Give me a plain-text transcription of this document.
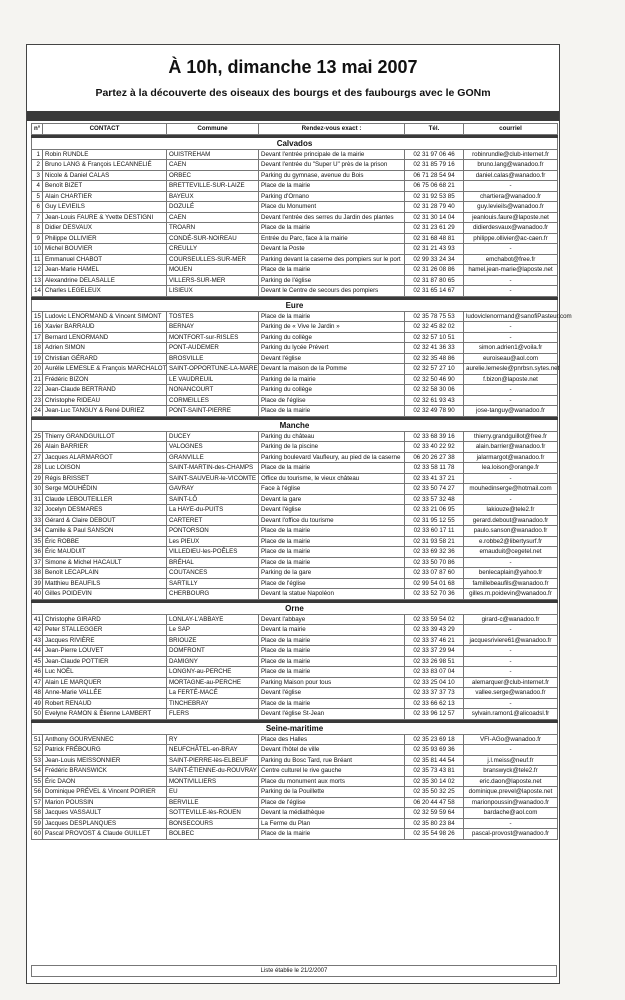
À 10h, dimanche 13 mai 2007
Partez à la découverte des oiseaux des bourgs et des faubourgs avec le GONm
n°	CONTACT	Commune	Rendez-vous exact :	Tél.	courriel

Calvados					
1	Robin RUNDLE	OUISTREHAM	Devant l'entrée principale de la mairie	02 31 97 06 46	robinrundle@club-internet.fr
2	Bruno LANG & François LECANNELIÉ	CAEN	Devant l'entrée du "Super U" près de la prison	02 31 85 79 16	bruno.lang@wanadoo.fr
3	Nicole & Daniel CALAS	ORBEC	Parking du gymnase, avenue du Bois	06 71 28 54 94	daniel.calas@wanadoo.fr
4	Benoît BIZET	BRETTEVILLE-SUR-LAIZE	Place de la mairie	06 75 06 68 21	-
5	Alain CHARTIER	BAYEUX	Parking d'Ornano	02 31 92 53 85	chartiera@wanadoo.fr
6	Guy LEVIEILS	DOZULÉ	Place du Monument	02 31 28 79 40	guy.levieils@wanadoo.fr
7	Jean-Louis FAURE & Yvette DESTIGNI	CAEN	Devant l'entrée des serres du Jardin des plantes	02 31 30 14 04	jeanlouis.faure@laposte.net
8	Didier DESVAUX	TROARN	Place de la mairie	02 31 23 61 29	didierdesvaux@wanadoo.fr
9	Philippe OLLIVIER	CONDÉ-SUR-NOIREAU	Entrée du Parc, face à la mairie	02 31 68 48 81	philippe.ollivier@ac-caen.fr
10	Michel BOUVIER	CREULLY	Devant la Poste	02 31 21 43 93	-
11	Emmanuel CHABOT	COURSEULLES-SUR-MER	Parking devant la caserne des pompiers sur le port	02 99 33 24 34	emchabot@free.fr
12	Jean-Marie HAMEL	MOUEN	Place de la mairie	02 31 26 08 86	hamel.jean-marie@laposte.net
13	Alexandrine DELASALLE	VILLERS-SUR-MER	Parking de l'église	02 31 87 80 65	-
14	Charles LEGELEUX	LISIEUX	Devant le Centre de secours des pompiers	02 31 65 14 67	-

Eure					
15	Ludovic LENORMAND & Vincent SIMONT	TOSTES	Place de la mairie	02 35 78 75 53	ludoviclenormand@sanofiPasteur.com
16	Xavier BARRAUD	BERNAY	Parking de « Vive le Jardin »	02 32 45 82 02	-
17	Bernard LENORMAND	MONTFORT-sur-RISLES	Parking du collège	02 32 57 10 51	-
18	Adrien SIMON	PONT-AUDEMER	Parking du lycée Prévert	02 32 41 36 33	simon.adrien1@voila.fr
19	Christian GÉRARD	BROSVILLE	Devant l'église	02 32 35 48 86	euroiseau@aol.com
20	Aurélie LEMESLE & François MARCHALOT	SAINT-OPPORTUNE-LA-MARE	Devant la maison de la Pomme	02 32 57 27 10	aurelie.lemesle@pnrbsn.sytes.net
21	Frédéric BIZON	LE VAUDREUIL	Parking de la mairie	02 32 50 46 90	f.bizon@laposte.net
22	Jean-Claude BERTRAND	NONANCOURT	Parking du collège	02 32 58 30 06	-
23	Christophe RIDEAU	CORMEILLES	Place de l'église	02 32 61 93 43	-
24	Jean-Luc TANGUY & René DURIEZ	PONT-SAINT-PIERRE	Place de la mairie	02 32 49 78 90	jose-tanguy@wanadoo.fr

Manche					
25	Thierry GRANDGUILLOT	DUCEY	Parking du château	02 33 68 39 16	thierry.grandguillot@free.fr
26	Alain BARRIER	VALOGNES	Parking de la piscine	02 33 40 22 92	alain.barrier@wanadoo.fr
27	Jacques ALARMARGOT	GRANVILLE	Parking boulevard Vaufleury, au pied de la caserne	06 20 26 27 38	jalarmargot@wanadoo.fr
28	Luc LOISON	SAINT-MARTIN-des-CHAMPS	Place de la mairie	02 33 58 11 78	lea.loison@orange.fr
29	Régis BRISSET	SAINT-SAUVEUR-le-VICOMTE	Office du tourisme, le vieux château	02 33 41 37 21	-
30	Serge MOUHÉDIN	GAVRAY	Face à l'église	02 33 50 74 27	mouhedinserge@hotmail.com
31	Claude LEBOUTEILLER	SAINT-LÔ	Devant la gare	02 33 57 32 48	-
32	Jocelyn DESMARES	La HAYE-du-PUITS	Devant l'église	02 33 21 06 95	lakiouze@tele2.fr
33	Gérard & Claire DEBOUT	CARTERET	Devant l'office du tourisme	02 31 95 12 55	gerard.debout@wanadoo.fr
34	Camille & Paul SANSON	PONTORSON	Place de la mairie	02 33 60 17 11	paulo.sanson@wanadoo.fr
35	Éric ROBBE	Les PIEUX	Place de la mairie	02 31 93 58 21	e.robbe2@libertysurf.fr
36	Éric MAUDUIT	VILLEDIEU-les-POÊLES	Place de la mairie	02 33 69 32 36	emauduit@cegetel.net
37	Simone & Michel HACAULT	BRÉHAL	Place de la mairie	02 33 50 70 86	-
38	Benoît LECAPLAIN	COUTANCES	Parking de la gare	02 33 07 87 60	benlecaplain@yahoo.fr
39	Matthieu BEAUFILS	SARTILLY	Place de l'église	02 99 54 01 68	famillebeaufils@wanadoo.fr
40	Gilles POIDEVIN	CHERBOURG	Devant la statue Napoléon	02 33 52 70 36	gilles.m.poidevin@wanadoo.fr

Orne					
41	Christophe GIRARD	LONLAY-L'ABBAYE	Devant l'abbaye	02 33 59 54 02	girard-c@wanadoo.fr
42	Peter STALLEGGER	Le SAP	Devant la mairie	02 33 39 43 29	-
43	Jacques RIVIÈRE	BRIOUZE	Place de la mairie	02 33 37 46 21	jacquesriviere61@wanadoo.fr
44	Jean-Pierre LOUVET	DOMFRONT	Place de la mairie	02 33 37 29 94	-
45	Jean-Claude POTTIER	DAMIGNY	Place de la mairie	02 33 26 98 51	-
46	Luc NOËL	LONGNY-au-PERCHE	Place de la mairie	02 33 83 07 04	-
47	Alain LE MARQUER	MORTAGNE-au-PERCHE	Parking Maison pour tous	02 33 25 04 10	alemarquer@club-internet.fr
48	Anne-Marie VALLÉE	La FERTÉ-MACÉ	Devant l'église	02 33 37 37 73	vallee.serge@wanadoo.fr
49	Robert RENAUD	TINCHEBRAY	Place de la mairie	02 33 66 62 13	-
50	Evelyne RAMON & Étienne LAMBERT	FLERS	Devant l'église St-Jean	02 33 96 12 57	sylvain.ramon1@alicoadsl.fr

Seine-maritime					
51	Anthony GOURVENNEC	RY	Place des Halles	02 35 23 69 18	VFI-AGo@wanadoo.fr
52	Patrick FRÉBOURG	NEUFCHÂTEL-en-BRAY	Devant l'hôtel de ville	02 35 93 69 36	-
53	Jean-Louis MEISSONNIER	SAINT-PIERRE-lès-ELBEUF	Parking du Bosc Tard, rue Bréant	02 35 81 44 54	j.l.meiss@neuf.fr
54	Frédéric BRANSWICK	SAINT-ÉTIENNE-du-ROUVRAY	Centre culturel le rive gauche	02 35 73 43 81	branswyck@tele2.fr
55	Éric DAON	MONTIVILLIERS	Place du monument aux morts	02 35 30 14 02	eric.daon@laposte.net
56	Dominique PRÉVEL & Vincent POIRIER	EU	Parking de la Pouillette	02 35 50 32 25	dominique.prevel@laposte.net
57	Marion POUSSIN	BERVILLE	Place de l'église	06 20 44 47 58	marionpoussin@wanadoo.fr
58	Jacques VASSAULT	SOTTEVILLE-lès-ROUEN	Devant la médiathèque	02 32 59 59 64	bardache@aol.com
59	Jacques DESPLANQUES	BONSECOURS	La Ferme du Plan	02 35 80 23 84	-
60	Pascal PROVOST & Claude GUILLET	BOLBEC	Place de la mairie	02 35 54 98 26	pascal-provost@wanadoo.fr
Liste établie le 21/2/2007
